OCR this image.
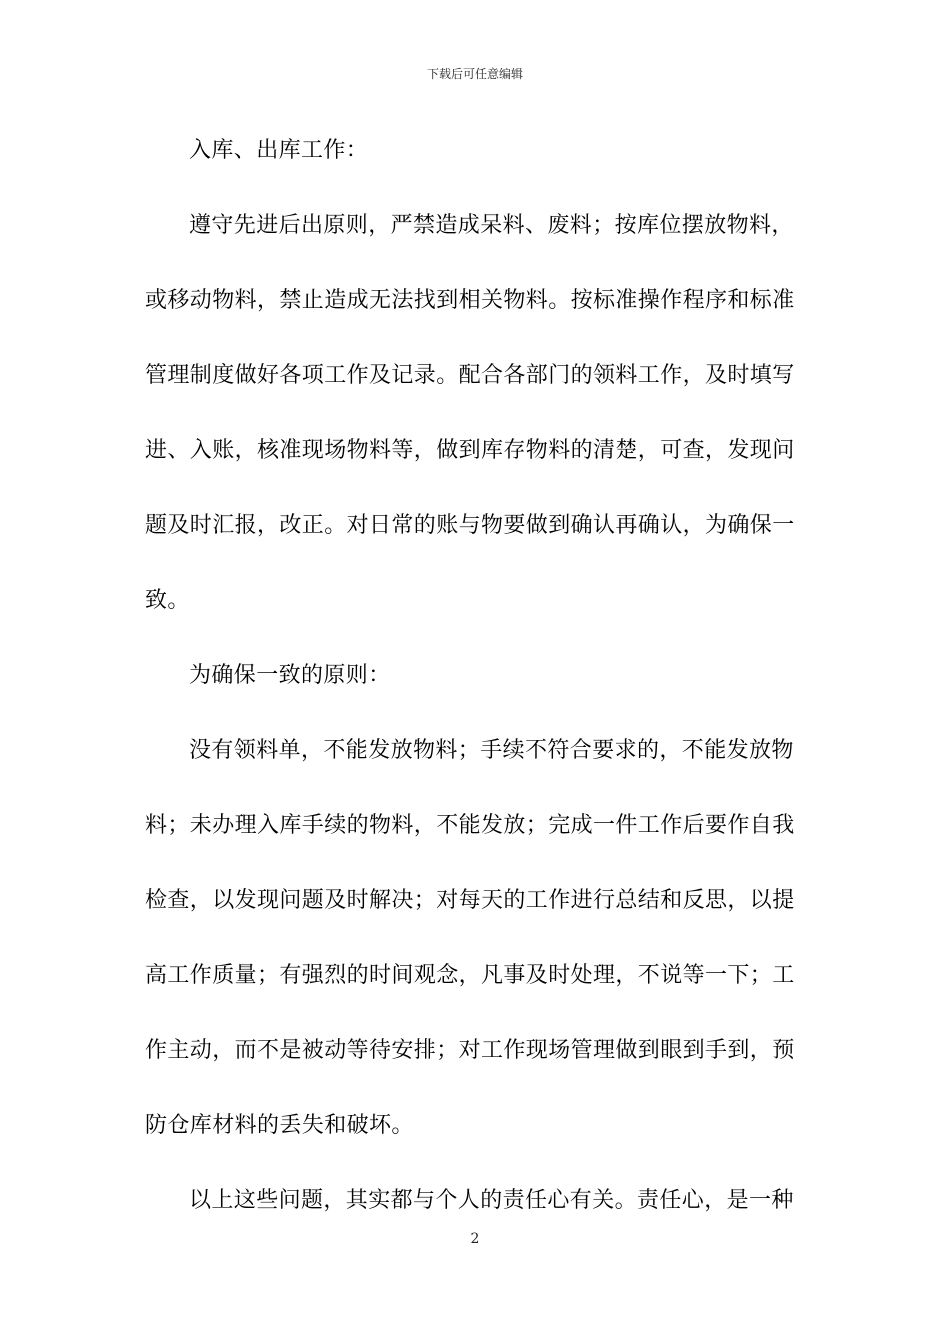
下载后可任意编辑
入库、出库工作：
遵守先进后出原则，严禁造成呆料、废料；按库位摆放物料，
或移动物料，禁止造成无法找到相关物料。按标准操作程序和标准
管理制度做好各项工作及记录。配合各部门的领料工作，及时填写
进、入账，核准现场物料等，做到库存物料的清楚，可查，发现问
题及时汇报，改正。对日常的账与物要做到确认再确认，为确保一
致。
为确保一致的原则：
没有领料单，不能发放物料；手续不符合要求的，不能发放物
料；未办理入库手续的物料，不能发放；完成一件工作后要作自我
检查，以发现问题及时解决；对每天的工作进行总结和反思，以提
高工作质量；有强烈的时间观念，凡事及时处理，不说等一下；工
作主动，而不是被动等待安排；对工作现场管理做到眼到手到，预
防仓库材料的丢失和破坏。
以上这些问题，其实都与个人的责任心有关。责任心，是一种
2
